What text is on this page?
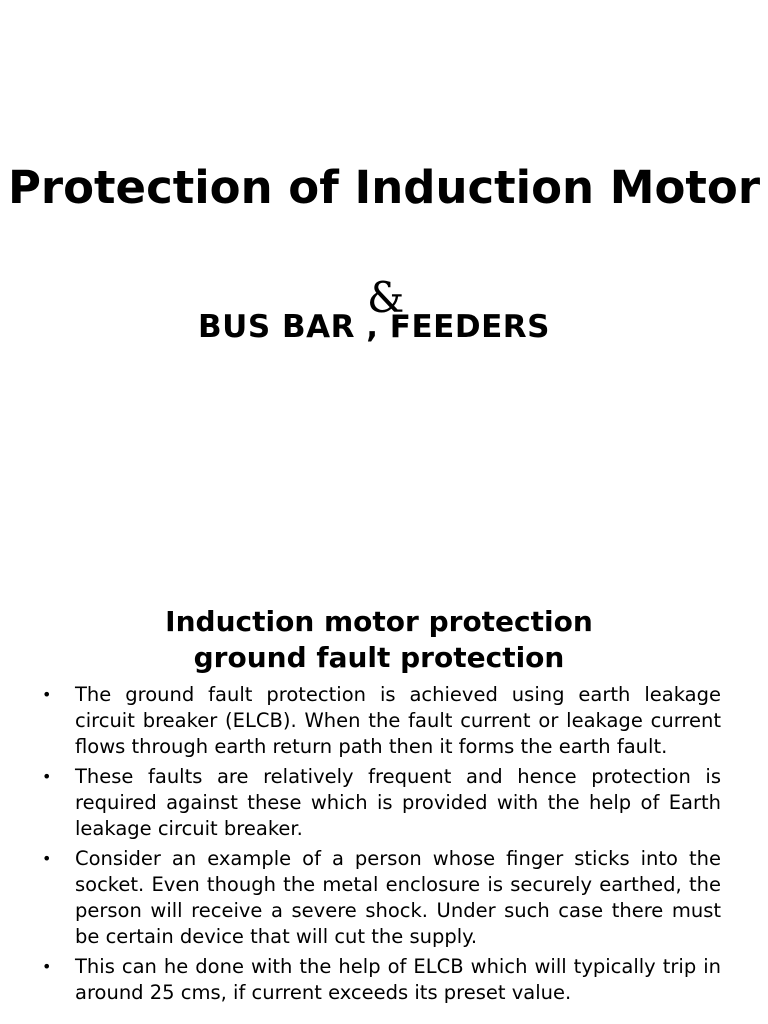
Protection of Induction Motor
&
BUS BAR , FEEDERS
Induction motor protection
ground fault protection
• The ground fault protection is achieved using earth leakage circuit breaker (ELCB). When the fault current or leakage current flows through earth return path then it forms the earth fault.
• These faults are relatively frequent and hence protection is required against these which is provided with the help of Earth leakage circuit breaker.
• Consider an example of a person whose finger sticks into the socket. Even though the metal enclosure is securely earthed, the person will receive a severe shock. Under such case there must be certain device that will cut the supply.
• This can he done with the help of ELCB which will typically trip in around 25 cms, if current exceeds its preset value.
